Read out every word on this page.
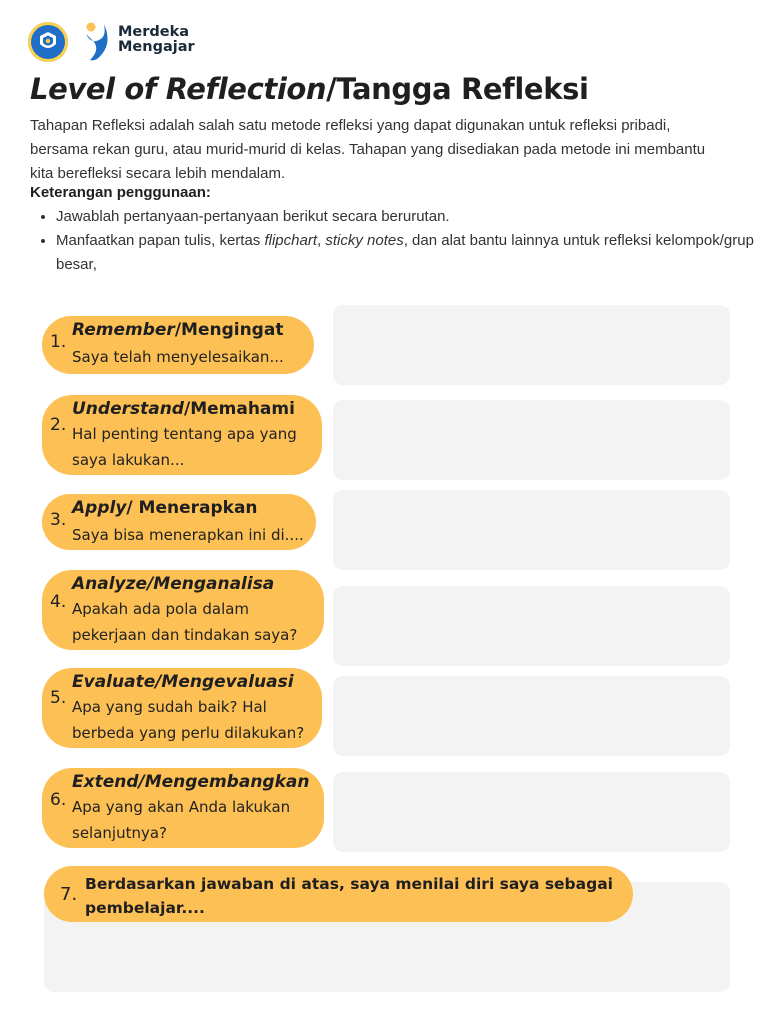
Merdeka
Mengajar
Level of Reflection/Tangga Refleksi

Tahapan Refleksi adalah salah satu metode refleksi yang dapat digunakan untuk refleksi pribadi, bersama rekan guru, atau murid-murid di kelas. Tahapan yang disediakan pada metode ini membantu kita berefleksi secara lebih mendalam.

Keterangan penggunaan:

• Jawablah pertanyaan-pertanyaan berikut secara berurutan.
• Manfaatkan papan tulis, kertas flipchart, sticky notes, dan alat bantu lainnya untuk refleksi kelompok/grup besar,
1.
Remember/Mengingat
Saya telah menyelesaikan...
2.
Understand/Memahami
Hal penting tentang apa yang
saya lakukan...
3.
Apply/ Menerapkan
Saya bisa menerapkan ini di....
4.
Analyze/Menganalisa
Apakah ada pola dalam
pekerjaan dan tindakan saya?
5.
Evaluate/Mengevaluasi
Apa yang sudah baik? Hal
berbeda yang perlu dilakukan?
6.
Extend/Mengembangkan
Apa yang akan Anda lakukan
selanjutnya?
7. Berdasarkan jawaban di atas, saya menilai diri saya sebagai pembelajar....
